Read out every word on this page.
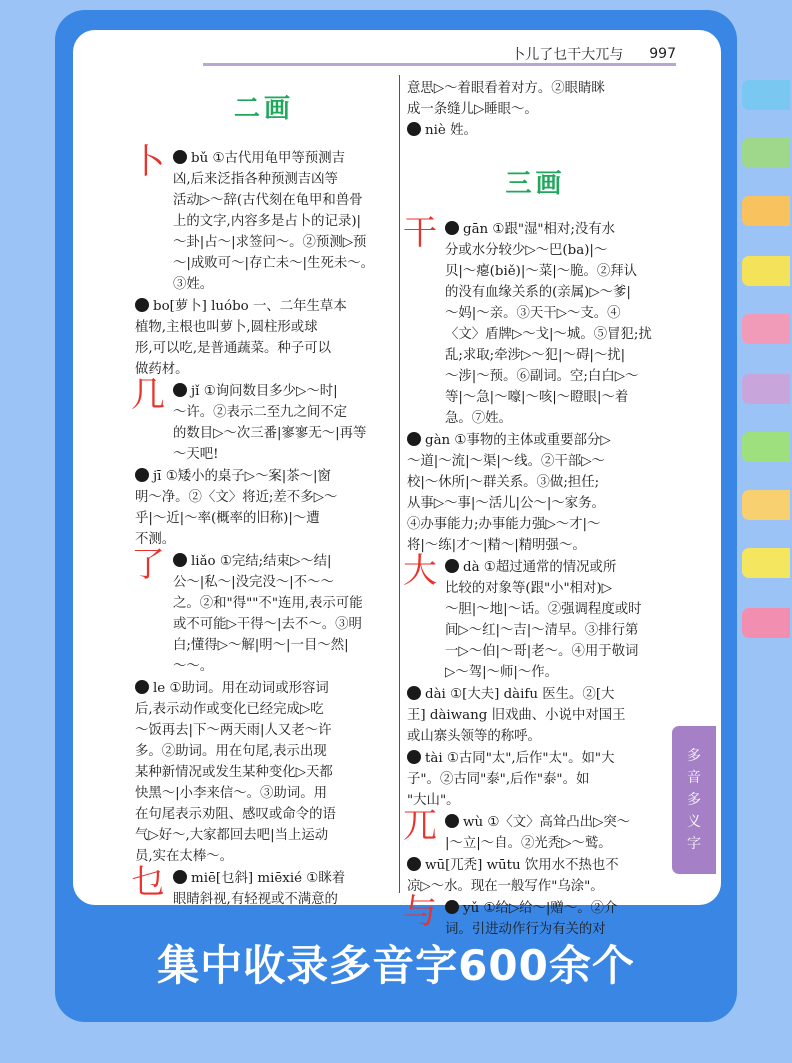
卜儿了乜干大兀与 997
二画
卜	bǔ ①古代用龟甲等预测吉
凶,后来泛指各种预测吉凶等
活动▷～辞(古代刻在龟甲和兽骨
上的文字,内容多是占卜的记录)|
～卦|占～|求签问～。②预测▷预
～|成败可～|存亡未～|生死未～。
③姓。
bo[萝卜] luóbo 一、二年生草本
植物,主根也叫萝卜,圆柱形或球
形,可以吃,是普通蔬菜。种子可以
做药材。
几	jǐ ①询问数目多少▷～时|
～许。②表示二至九之间不定
的数目▷～次三番|寥寥无～|再等
～天吧!
jī ①矮小的桌子▷～案|茶～|窗
明～净。②〈文〉将近;差不多▷～
乎|～近|～率(概率的旧称)|～遭
不测。
了	liǎo ①完结;结束▷～结|
公～|私～|没完没～|不～～
之。②和"得""不"连用,表示可能
或不可能▷干得～|去不～。③明
白;懂得▷～解|明～|一目～然|
～～。
le ①助词。用在动词或形容词
后,表示动作或变化已经完成▷吃
～饭再去|下～两天雨|人又老～许
多。②助词。用在句尾,表示出现
某种新情况或发生某种变化▷天都
快黑～|小李来信～。③助词。用
在句尾表示劝阻、感叹或命令的语
气▷好～,大家都回去吧|当上运动
员,实在太棒～。
乜	miē[乜斜] miēxié ①眯着
眼睛斜视,有轻视或不满意的
意思▷～着眼看着对方。②眼睛眯
成一条缝儿▷睡眼～。
niè 姓。
三画
干	gān ①跟"湿"相对;没有水
分或水分较少▷～巴(ba)|～
贝|～瘪(biě)|～菜|～脆。②拜认
的没有血缘关系的(亲属)▷～爹|
～妈|～亲。③天干▷～支。④
〈文〉盾牌▷～戈|～城。⑤冒犯;扰
乱;求取;牵涉▷～犯|～碍|～扰|
～涉|～预。⑥副词。空;白白▷～
等|～急|～嚎|～咳|～瞪眼|～着
急。⑦姓。
gàn ①事物的主体或重要部分▷
～道|～流|～渠|～线。②干部▷～
校|～休所|～群关系。③做;担任;
从事▷～事|～活儿|公～|～家务。
④办事能力;办事能力强▷～才|～
将|～练|才～|精～|精明强～。
大	dà ①超过通常的情况或所
比较的对象等(跟"小"相对)▷
～胆|～地|～话。②强调程度或时
间▷～红|～吉|～清早。③排行第
一▷～伯|～哥|老～。④用于敬词
▷～驾|～师|～作。
dài ①[大夫] dàifu 医生。②[大
王] dàiwang 旧戏曲、小说中对国王
或山寨头领等的称呼。
tài ①古同"太",后作"太"。如"大
子"。②古同"泰",后作"泰"。如
"大山"。
兀	wù ①〈文〉高耸凸出▷突～
|～立|～自。②光秃▷～鹫。
wū[兀秃] wūtu 饮用水不热也不
凉▷～水。现在一般写作"乌涂"。
与	yǔ ①给▷给～|赠～。②介
词。引进动作行为有关的对
多
音
多
义
字
集中收录多音字600余个
